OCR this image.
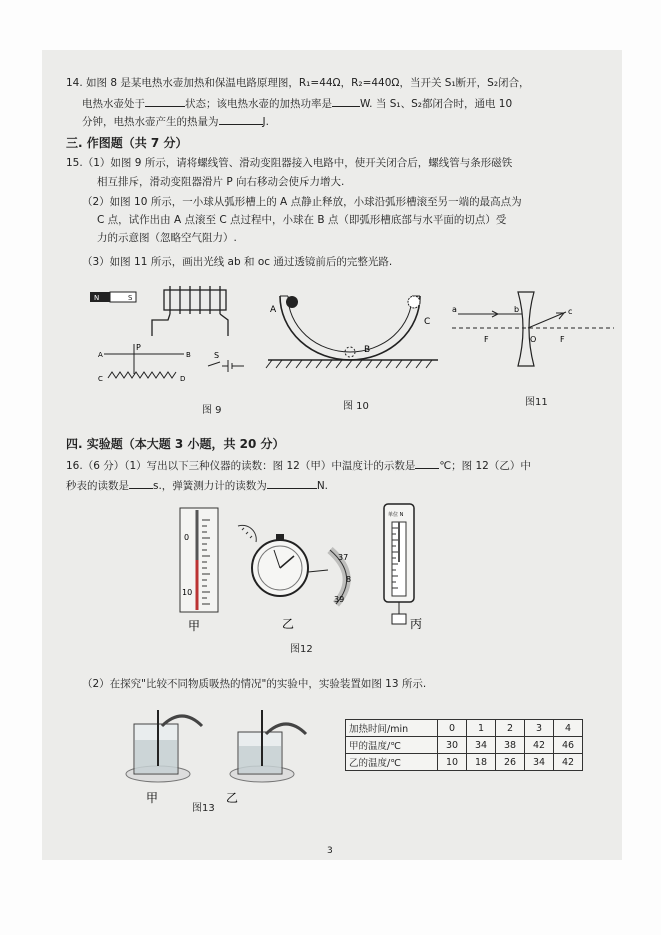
14. 如图 8 是某电热水壶加热和保温电路原理图，R₁=44Ω，R₂=440Ω，当开关 S₁断开，S₂闭合，
电热水壶处于	状态；该电热水壶的加热功率是	W. 当 S₁、S₂都闭合时，通电 10
分钟，电热水壶产生的热量为	J.
三. 作图题（共 7 分）
15.（1）如图 9 所示，请将螺线管、滑动变阻器接入电路中，使开关闭合后，螺线管与条形磁铁
相互排斥，滑动变阻器滑片 P 向右移动会使斥力增大.
（2）如图 10 所示，一小球从弧形槽上的 A 点静止释放，小球沿弧形槽滚至另一端的最高点为
C 点，试作出由 A 点滚至 C 点过程中，小球在 B 点（即弧形槽底部与水平面的切点）受
力的示意图（忽略空气阻力）.
（3）如图 11 所示，画出光线 ab 和 oc 通过透镜前后的完整光路.
N	S
P
A	B
C	D
S
图 9
A
C
B
图 10
a	b	c
F	O	F
图11
四. 实验题（本大题 3 小题，共 20 分）
16.（6 分）（1）写出以下三种仪器的读数：图 12（甲）中温度计的示数是 ℃；图 12（乙）中
秒表的读数是 s.，弹簧测力计的读数为	N.
0
10
甲
37
8
39
乙
单位 N
丙
图12
（2）在探究"比较不同物质吸热的情况"的实验中，实验装置如图 13 所示.
甲	乙
图13
加热时间/min	0	1	2	3	4
甲的温度/℃	30	34	38	42	46
乙的温度/℃	10	18	26	34	42
3
